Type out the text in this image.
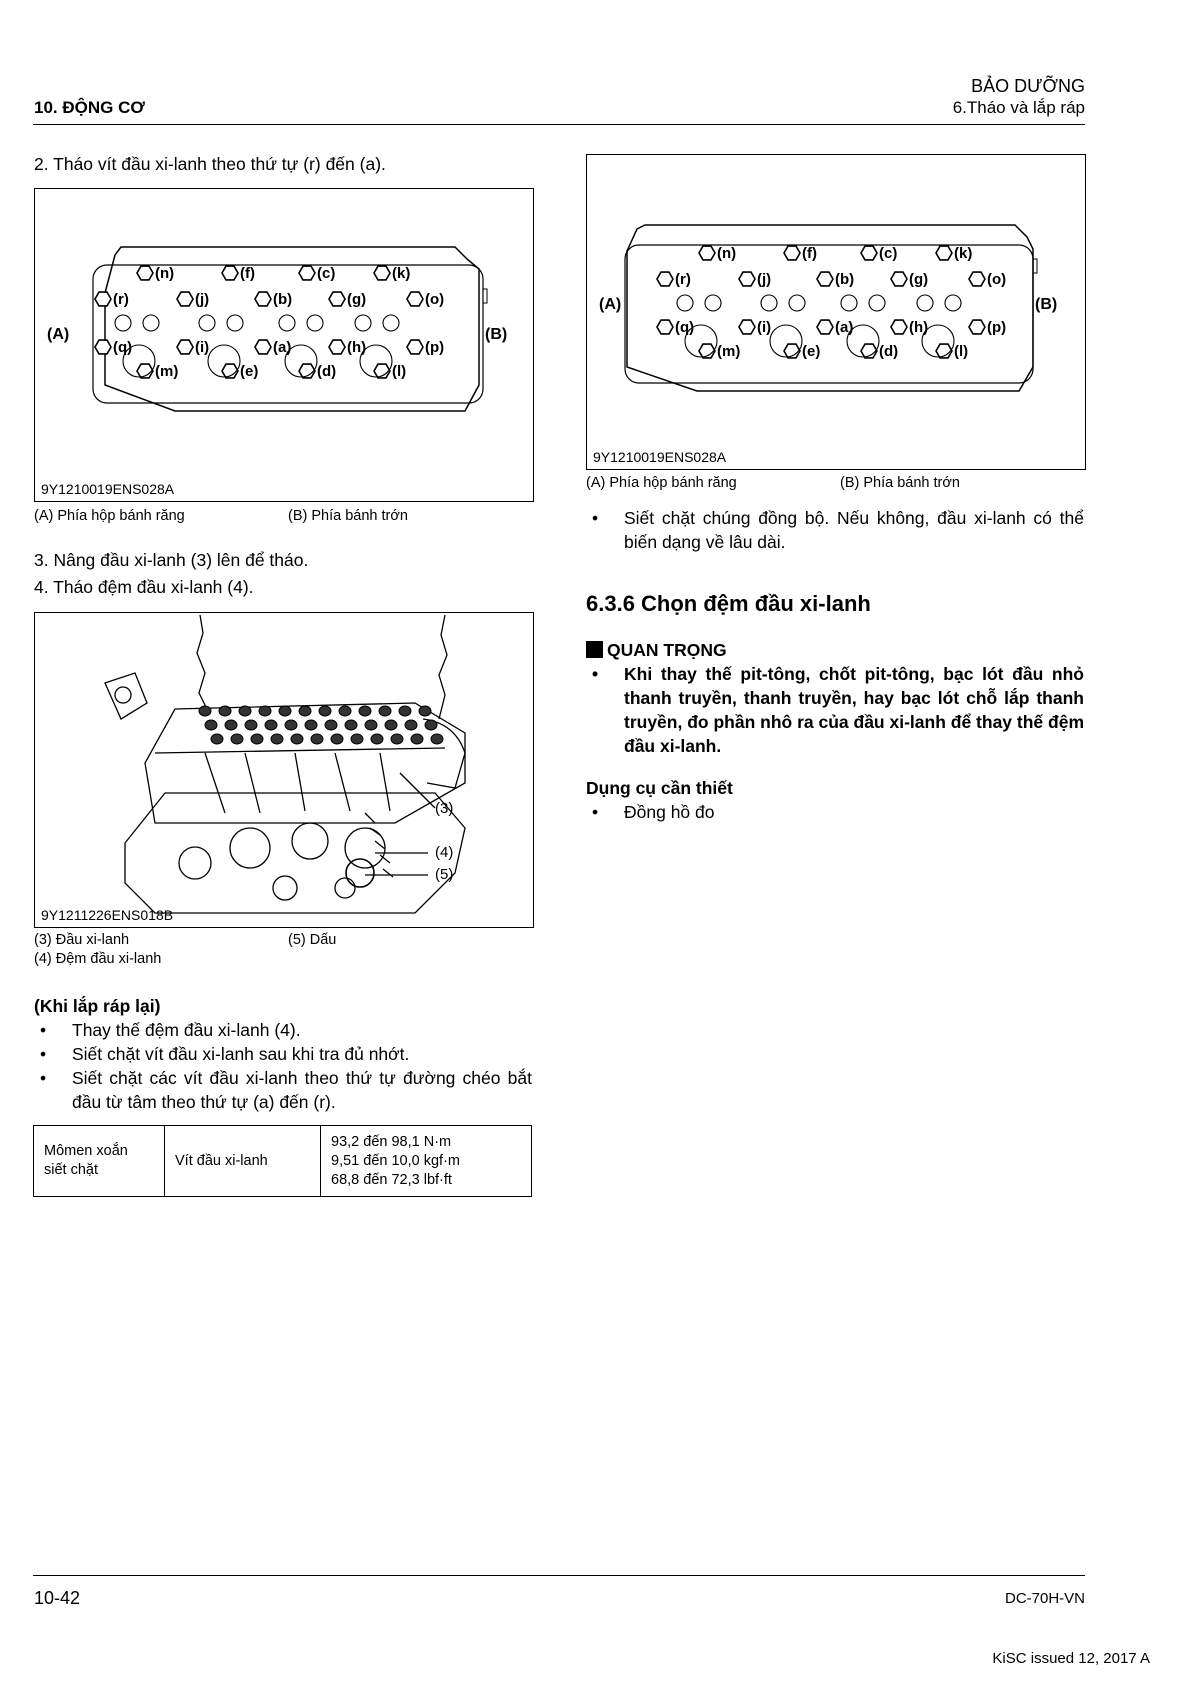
10. ĐỘNG CƠ
BẢO DƯỠNG
6.Tháo và lắp ráp
2. Tháo vít đầu xi-lanh theo thứ tự (r) đến (a).
(n)	(f)	(c)	(k)
(r)	(j)	(b)	(g)	(o)
(q)	(i)	(a)	(h)	(p)
(m)	(e)	(d)	(l)
(A)	(B)
9Y1210019ENS028A
(A) Phía hộp bánh răng	(B) Phía bánh trớn
3. Nâng đầu xi-lanh (3) lên để tháo.
4. Tháo đệm đầu xi-lanh (4).
(3)
(4)
(5)
9Y1211226ENS018B
(3) Đầu xi-lanh	(5) Dấu
(4) Đệm đầu xi-lanh
(Khi lắp ráp lại)
• Thay thế đệm đầu xi-lanh (4).
• Siết chặt vít đầu xi-lanh sau khi tra đủ nhớt.
• Siết chặt các vít đầu xi-lanh theo thứ tự đường chéo bắt đầu từ tâm theo thứ tự (a) đến (r).
Mômen xoắn siết chặt	Vít đầu xi-lanh	
93,2 đến 98,1 N·m
9,51 đến 10,0 kgf·m
68,8 đến 72,3 lbf·ft
(n)	(f)	(c)	(k)
(r)	(j)	(b)	(g)	(o)
(q)	(i)	(a)	(h)	(p)
(m)	(e)	(d)	(l)
(A)	(B)
9Y1210019ENS028A
(A) Phía hộp bánh răng	(B) Phía bánh trớn
• Siết chặt chúng đồng bộ. Nếu không, đầu xi-lanh có thể biến dạng về lâu dài.
6.3.6 Chọn đệm đầu xi-lanh
QUAN TRỌNG
• Khi thay thế pit-tông, chốt pit-tông, bạc lót đầu nhỏ thanh truyền, thanh truyền, hay bạc lót chỗ lắp thanh truyền, đo phần nhô ra của đầu xi-lanh để thay thế đệm đầu xi-lanh.
Dụng cụ cần thiết
• Đồng hồ đo
10-42	DC-70H-VN
KiSC issued 12, 2017 A
